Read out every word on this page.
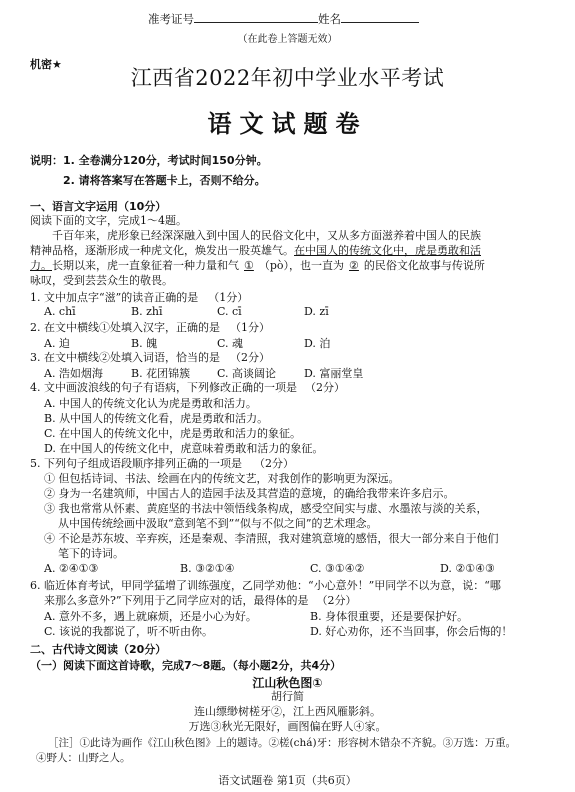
准考证号	姓名
（在此卷上答题无效）
机密★
江西省2022年初中学业水平考试
语文试题卷
说明：1. 全卷满分120分，考试时间150分钟。
2. 请将答案写在答题卡上，否则不给分。
一、语言文字运用（10分）
阅读下面的文字，完成1～4题。
千百年来，虎形象已经深深融入到中国人的民俗文化中，又从多方面滋养着中国人的民族
精神品格，逐渐形成一种虎文化，焕发出一股英雄气。在中国人的传统文化中，虎是勇敢和活
力。长期以来，虎一直象征着一种力量和气 ① （pò），也一直为 ② 的民俗文化故事与传说所
咏叹，受到芸芸众生的敬畏。
1. 文中加点字“滋”的读音正确的是 （1分）
A. chī	B. zhī	C. cī	D. zī
2. 在文中横线①处填入汉字，正确的是 （1分）
A. 迫	B. 魄	C. 魂	D. 泊
3. 在文中横线②处填入词语，恰当的是 （2分）
A. 浩如烟海	B. 花团锦簇 C. 高谈阔论	D. 富丽堂皇
4. 文中画波浪线的句子有语病，下列修改正确的一项是 （2分）
A. 中国人的传统文化认为虎是勇敢和活力。
B. 从中国人的传统文化看，虎是勇敢和活力。
C. 在中国人的传统文化中，虎是勇敢和活力的象征。
D. 在中国人的传统文化中，虎意味着勇敢和活力的象征。
5. 下列句子组成语段顺序排列正确的一项是 （2分）
① 但包括诗词、书法、绘画在内的传统文艺，对我创作的影响更为深远。
② 身为一名建筑师，中国古人的造园手法及其营造的意境，的确给我带来许多启示。
③ 我也常常从怀素、黄庭坚的书法中领悟线条构成，感受空间实与虚、水墨浓与淡的关系，
从中国传统绘画中汲取“意到笔不到”“似与不似之间”的艺术理念。
④ 不论是苏东坡、辛弃疾，还是秦观、李清照，我对建筑意境的感悟，很大一部分来自于他们
笔下的诗词。
A. ②④①③	B. ③②①④	C. ③①④②	D. ②①④③
6. 临近体育考试，甲同学猛增了训练强度，乙同学劝他：“小心意外！”甲同学不以为意，说：“哪
来那么多意外?”下列用于乙同学应对的话，最得体的是 （2分）
A. 意外不多，遇上就麻烦，还是小心为好。	B. 身体很重要，还是要保护好。
C. 该说的我都说了，听不听由你。	D. 好心劝你，还不当回事，你会后悔的！
二、古代诗文阅读（20分）
（一）阅读下面这首诗歌，完成7～8题。（每小题2分，共4分）
江山秋色图①
胡行简
连山缥缈树槎牙②，江上西风雁影斜。
万选③秋光无限好，画图偏在野人④家。
［注］①此诗为画作《江山秋色图》上的题诗。②槎(chá)牙：形容树木错杂不齐貌。③万选：万重。
④野人：山野之人。
语文试题卷 第1页（共6页）
